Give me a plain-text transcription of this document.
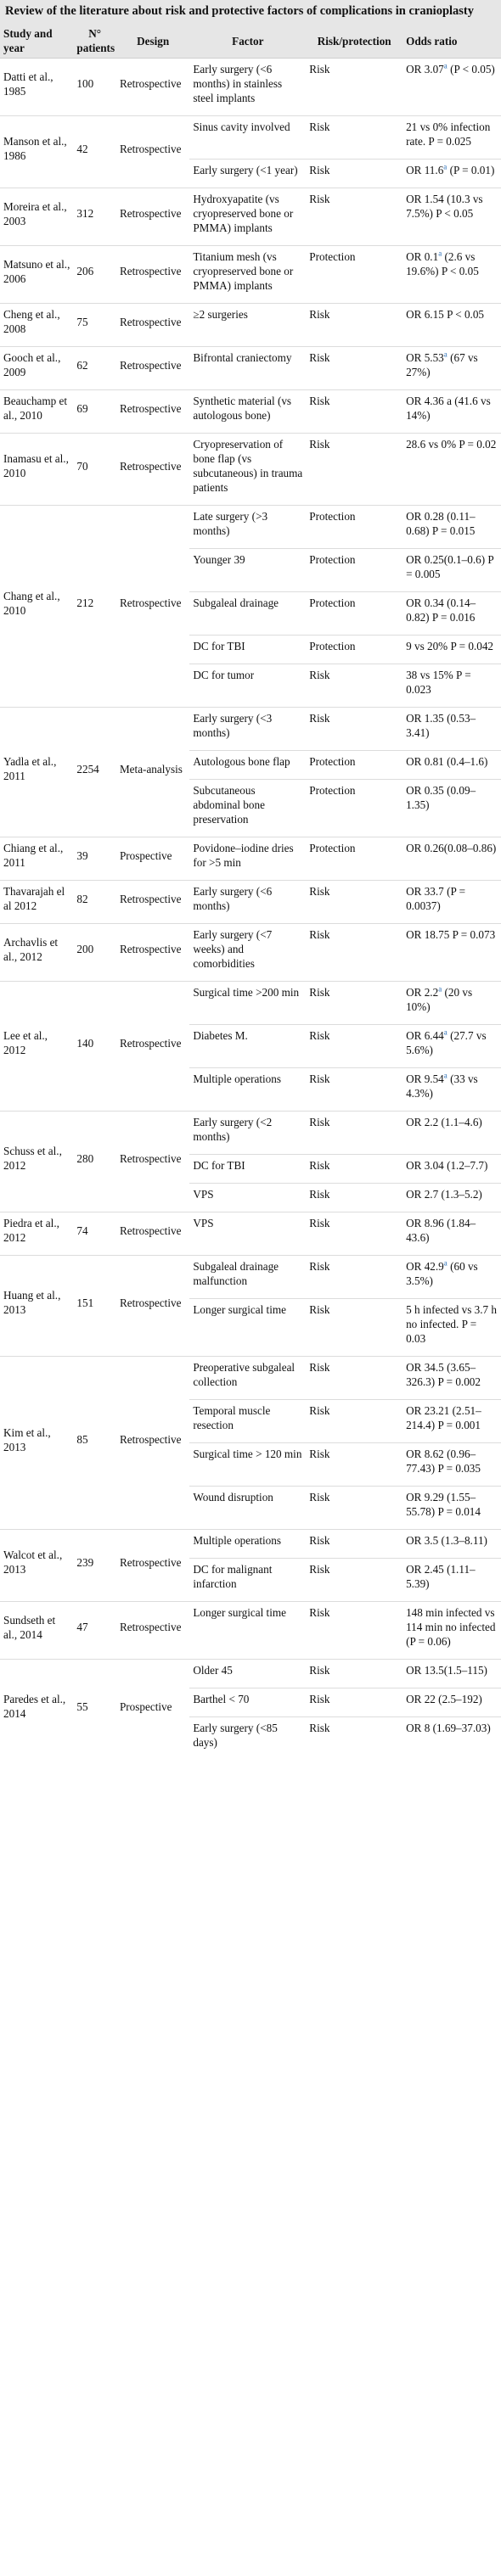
Review of the literature about risk and protective factors of complications in cranioplasty
Study and year	N° patients	Design	Factor	Risk/protection	Odds ratio
Datti et al., 1985	100	Retrospective	Early surgery (<6 months) in stainless steel implants	Risk	OR 3.07$^a$ (P < 0.05)
Manson et al., 1986	42	Retrospective	Sinus cavity involved	Risk	21 vs 0% infection rate. P = 0.025
			Early surgery (<1 year)	Risk	OR 11.6$^a$ (P = 0.01)
Moreira et al., 2003	312	Retrospective	Hydroxyapatite (vs cryopreserved bone or PMMA) implants	Risk	OR 1.54 (10.3 vs 7.5%) P < 0.05
Matsuno et al., 2006	206	Retrospective	Titanium mesh (vs cryopreserved bone or PMMA) implants	Protection	OR 0.1$^a$ (2.6 vs 19.6%) P < 0.05
Cheng et al., 2008	75	Retrospective	≥2 surgeries	Risk	OR 6.15 P < 0.05
Gooch et al., 2009	62	Retrospective	Bifrontal craniectomy	Risk	OR 5.53$^a$ (67 vs 27%)
Beauchamp et al., 2010	69	Retrospective	Synthetic material (vs autologous bone)	Risk	OR 4.36 a (41.6 vs 14%)
Inamasu et al., 2010	70	Retrospective	Cryopreservation of bone flap (vs subcutaneous) in trauma patients	Risk	28.6 vs 0% P = 0.02
Chang et al., 2010	212	Retrospective	Late surgery (>3 months)	Protection	OR 0.28 (0.11–0.68) P = 0.015
			Younger 39	Protection	OR 0.25(0.1–0.6) P = 0.005
			Subgaleal drainage	Protection	OR 0.34 (0.14–0.82) P = 0.016
			DC for TBI	Protection	9 vs 20% P = 0.042
			DC for tumor	Risk	38 vs 15% P = 0.023
Yadla et al., 2011	2254	Meta-analysis	Early surgery (<3 months)	Risk	OR 1.35 (0.53–3.41)
			Autologous bone flap	Protection	OR 0.81 (0.4–1.6)
			Subcutaneous abdominal bone preservation	Protection	OR 0.35 (0.09–1.35)
Chiang et al., 2011	39	Prospective	Povidone–iodine dries for >5 min	Protection	OR 0.26(0.08–0.86)
Thavarajah el al 2012	82	Retrospective	Early surgery (<6 months)	Risk	OR 33.7 (P = 0.0037)
Archavlis et al., 2012	200	Retrospective	Early surgery (<7 weeks) and comorbidities	Risk	OR 18.75 P = 0.073
Lee et al., 2012	140	Retrospective	Surgical time >200 min	Risk	OR 2.2$^a$ (20 vs 10%)
			Diabetes M.	Risk	OR 6.44$^a$ (27.7 vs 5.6%)
			Multiple operations	Risk	OR 9.54$^a$ (33 vs 4.3%)
Schuss et al., 2012	280	Retrospective	Early surgery (<2 months)	Risk	OR 2.2 (1.1–4.6)
			DC for TBI	Risk	OR 3.04 (1.2–7.7)
			VPS	Risk	OR 2.7 (1.3–5.2)
Piedra et al., 2012	74	Retrospective	VPS	Risk	OR 8.96 (1.84–43.6)
Huang et al., 2013	151	Retrospective	Subgaleal drainage malfunction	Risk	OR 42.9$^a$ (60 vs 3.5%)
			Longer surgical time	Risk	5 h infected vs 3.7 h no infected. P = 0.03
Kim et al., 2013	85	Retrospective	Preoperative subgaleal collection	Risk	OR 34.5 (3.65–326.3) P = 0.002
			Temporal muscle resection	Risk	OR 23.21 (2.51–214.4) P = 0.001
			Surgical time > 120 min	Risk	OR 8.62 (0.96–77.43) P = 0.035
			Wound disruption	Risk	OR 9.29 (1.55–55.78) P = 0.014
Walcot et al., 2013	239	Retrospective	Multiple operations	Risk	OR 3.5 (1.3–8.11)
			DC for malignant infarction	Risk	OR 2.45 (1.11–5.39)
Sundseth et al., 2014	47	Retrospective	Longer surgical time	Risk	148 min infected vs 114 min no infected (P = 0.06)
Paredes et al., 2014	55	Prospective	Older 45	Risk	OR 13.5(1.5–115)
			Barthel < 70	Risk	OR 22 (2.5–192)
			Early surgery (<85 days)	Risk	OR 8 (1.69–37.03)
